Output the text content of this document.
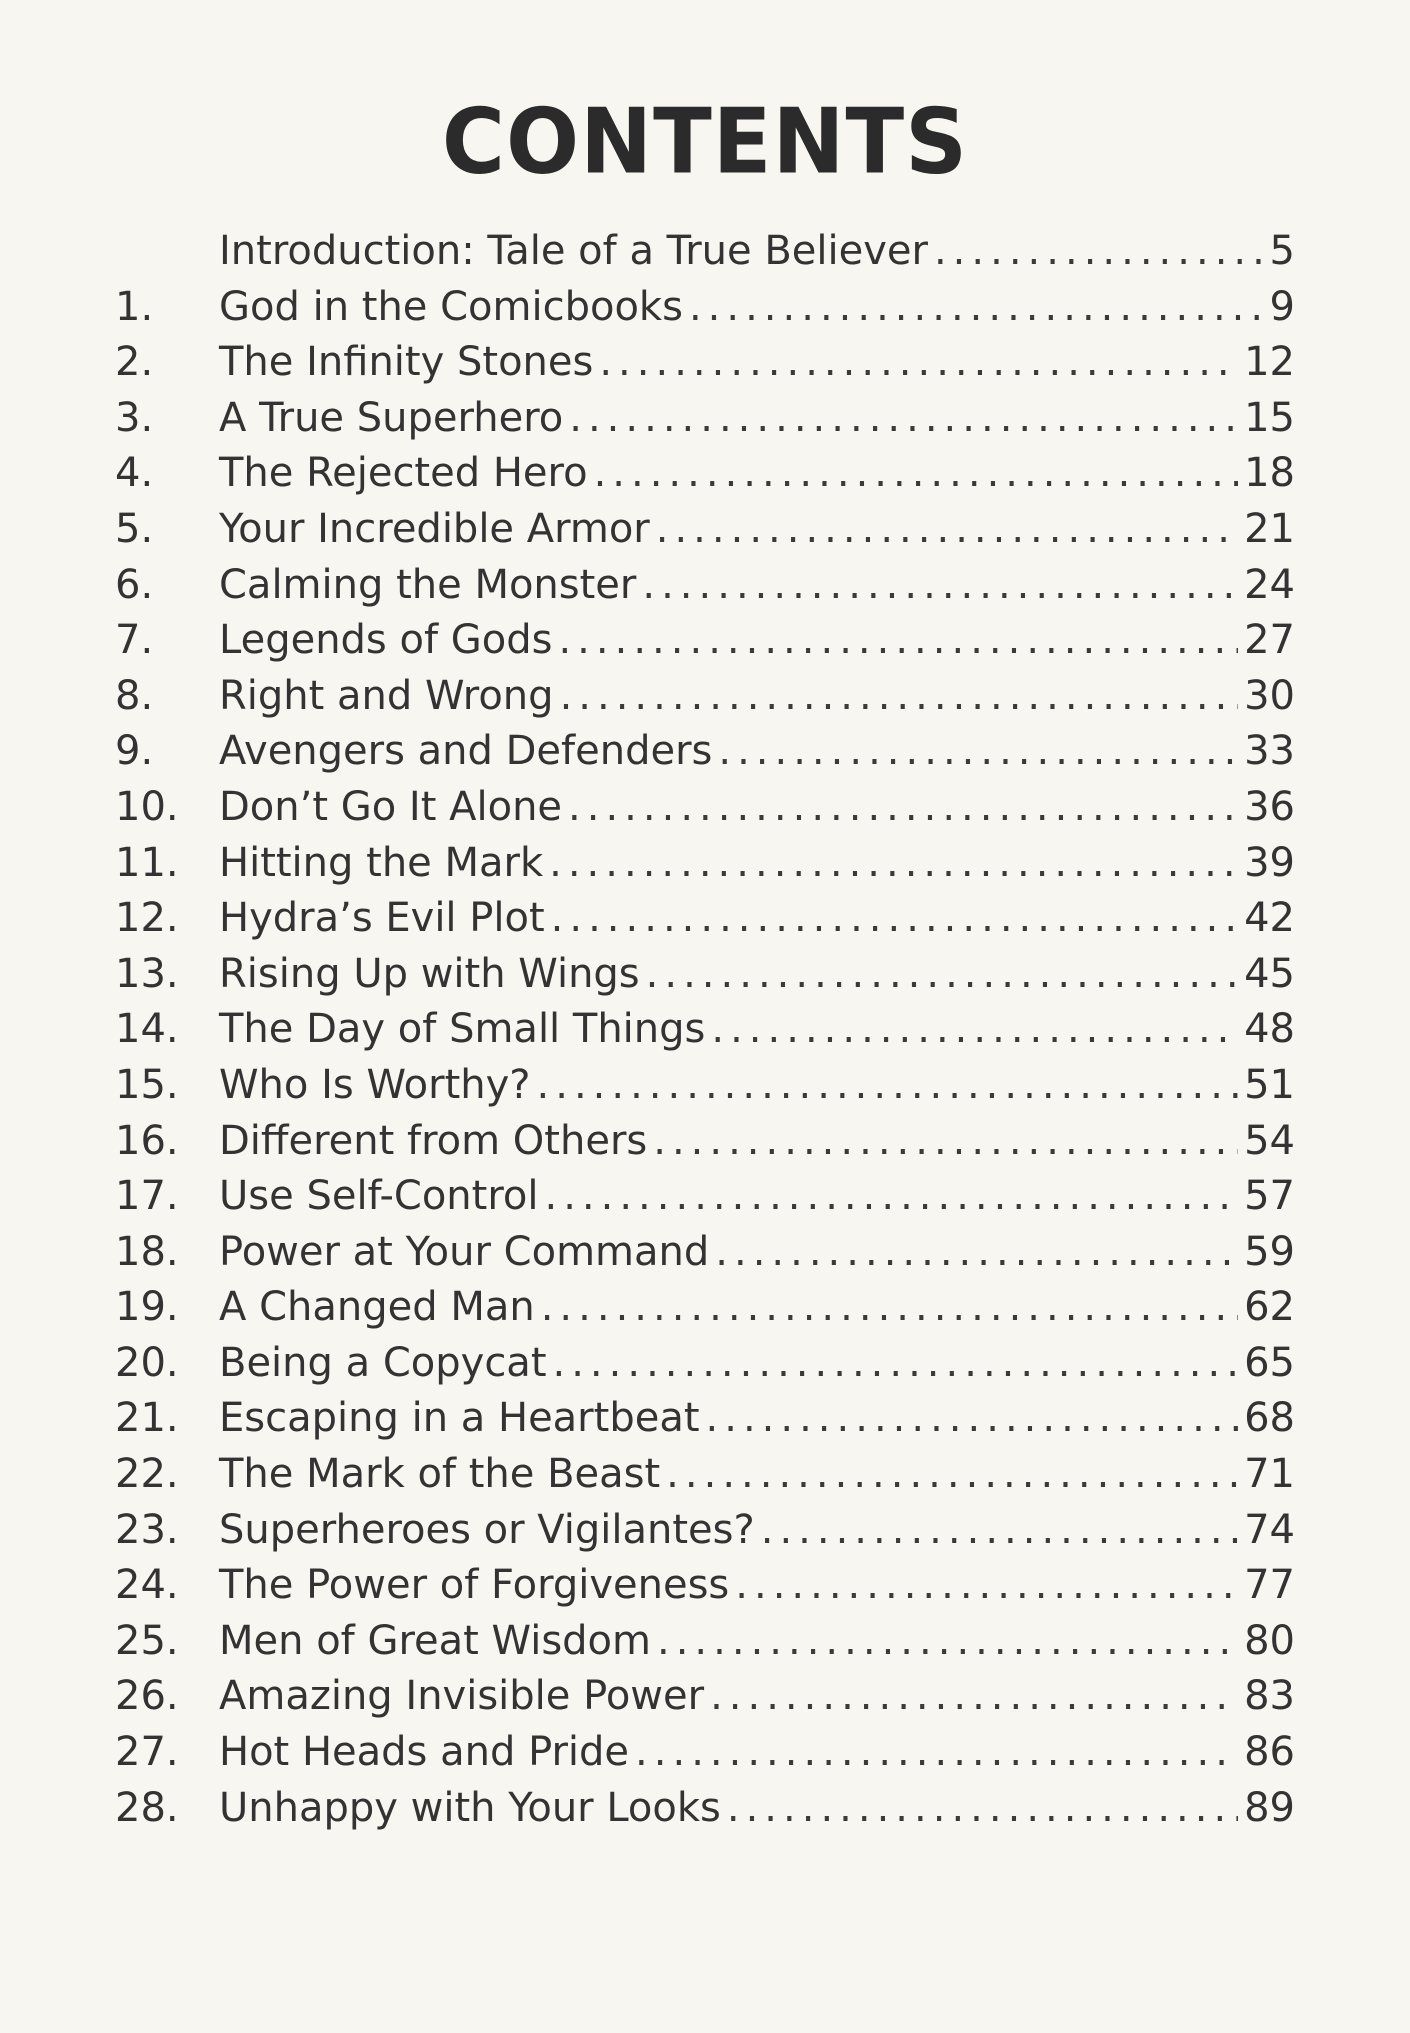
CONTENTS
Introduction: Tale of a True Believer .....	5
1.	God in the Comicbooks .....	9
2.	The Infinity Stones .....	12
3.	A True Superhero .....	15
4.	The Rejected Hero .....	18
5.	Your Incredible Armor .....	21
6.	Calming the Monster .....	24
7.	Legends of Gods .....	27
8.	Right and Wrong .....	30
9.	Avengers and Defenders .....	33
10.	Don’t Go It Alone .....	36
11.	Hitting the Mark .....	39
12.	Hydra’s Evil Plot .....	42
13.	Rising Up with Wings .....	45
14.	The Day of Small Things .....	48
15.	Who Is Worthy? .....	51
16.	Different from Others .....	54
17.	Use Self-Control .....	57
18.	Power at Your Command .....	59
19.	A Changed Man .....	62
20.	Being a Copycat .....	65
21.	Escaping in a Heartbeat .....	68
22.	The Mark of the Beast .....	71
23.	Superheroes or Vigilantes? .....	74
24.	The Power of Forgiveness .....	77
25.	Men of Great Wisdom .....	80
26.	Amazing Invisible Power .....	83
27.	Hot Heads and Pride .....	86
28.	Unhappy with Your Looks .....	89
